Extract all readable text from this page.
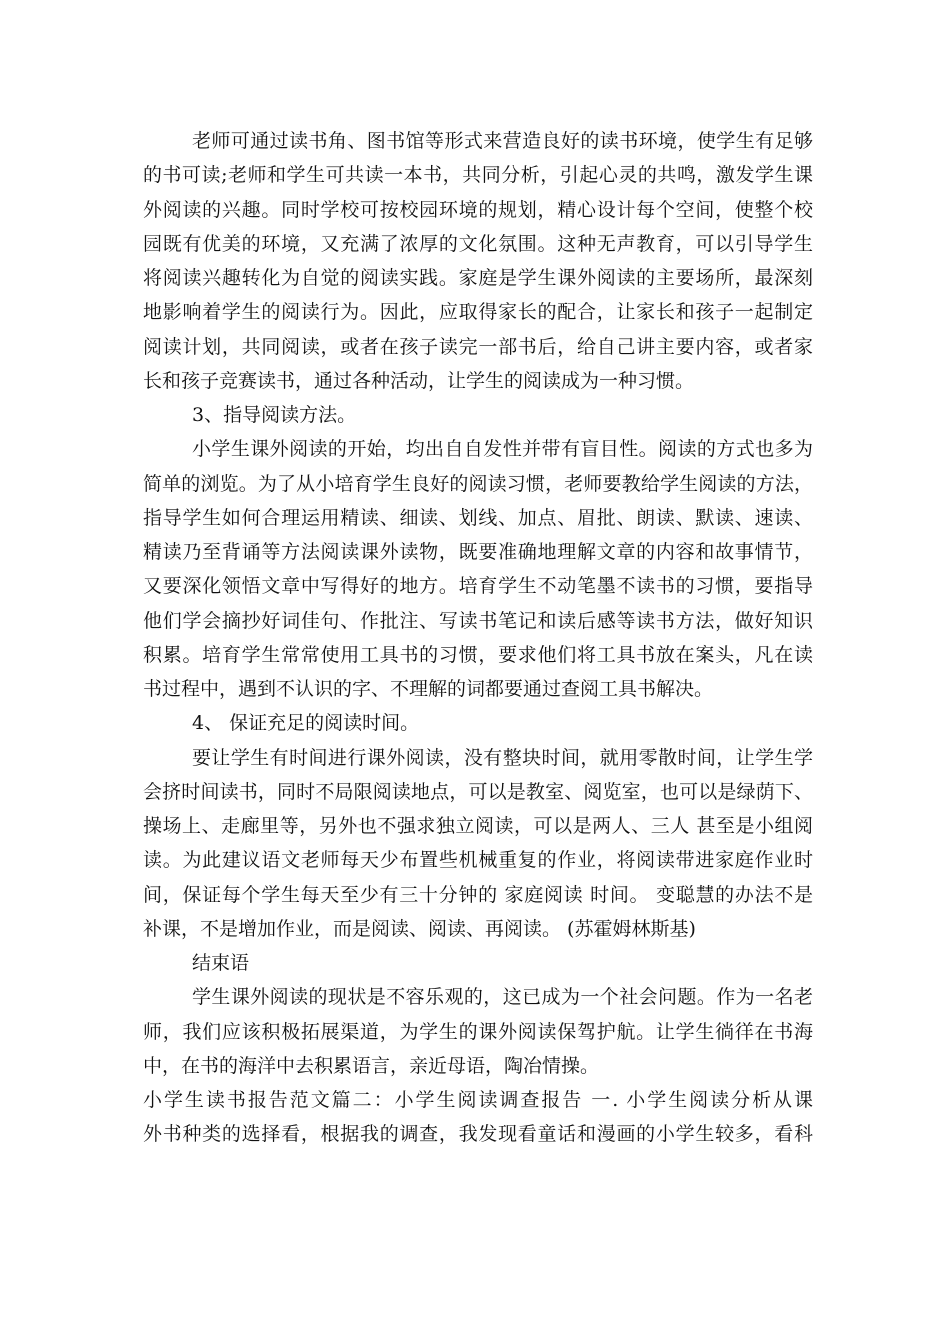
老师可通过读书角、图书馆等形式来营造良好的读书环境，使学生有足够
的书可读;老师和学生可共读一本书，共同分析，引起心灵的共鸣，激发学生课
外阅读的兴趣。同时学校可按校园环境的规划，精心设计每个空间，使整个校
园既有优美的环境，又充满了浓厚的文化氛围。这种无声教育，可以引导学生
将阅读兴趣转化为自觉的阅读实践。家庭是学生课外阅读的主要场所，最深刻
地影响着学生的阅读行为。因此，应取得家长的配合，让家长和孩子一起制定
阅读计划，共同阅读，或者在孩子读完一部书后，给自己讲主要内容，或者家
长和孩子竞赛读书，通过各种活动，让学生的阅读成为一种习惯。
3、指导阅读方法。
小学生课外阅读的开始，均出自自发性并带有盲目性。阅读的方式也多为
简单的浏览。为了从小培育学生良好的阅读习惯，老师要教给学生阅读的方法，
指导学生如何合理运用精读、细读、划线、加点、眉批、朗读、默读、速读、
精读乃至背诵等方法阅读课外读物，既要准确地理解文章的内容和故事情节，
又要深化领悟文章中写得好的地方。培育学生不动笔墨不读书的习惯，要指导
他们学会摘抄好词佳句、作批注、写读书笔记和读后感等读书方法，做好知识
积累。培育学生常常使用工具书的习惯，要求他们将工具书放在案头，凡在读
书过程中，遇到不认识的字、不理解的词都要通过查阅工具书解决。
4、 保证充足的阅读时间。
要让学生有时间进行课外阅读，没有整块时间，就用零散时间，让学生学
会挤时间读书，同时不局限阅读地点，可以是教室、阅览室，也可以是绿荫下、
操场上、走廊里等，另外也不强求独立阅读，可以是两人、三人 甚至是小组阅
读。为此建议语文老师每天少布置些机械重复的作业，将阅读带进家庭作业时
间，保证每个学生每天至少有三十分钟的 家庭阅读 时间。 变聪慧的办法不是
补课，不是增加作业，而是阅读、阅读、再阅读。 (苏霍姆林斯基)
结束语
学生课外阅读的现状是不容乐观的，这已成为一个社会问题。作为一名老
师，我们应该积极拓展渠道，为学生的课外阅读保驾护航。让学生徜徉在书海
中，在书的海洋中去积累语言，亲近母语，陶冶情操。
小学生读书报告范文篇二：小学生阅读调查报告 一. 小学生阅读分析从课
外书种类的选择看，根据我的调查，我发现看童话和漫画的小学生较多，看科
